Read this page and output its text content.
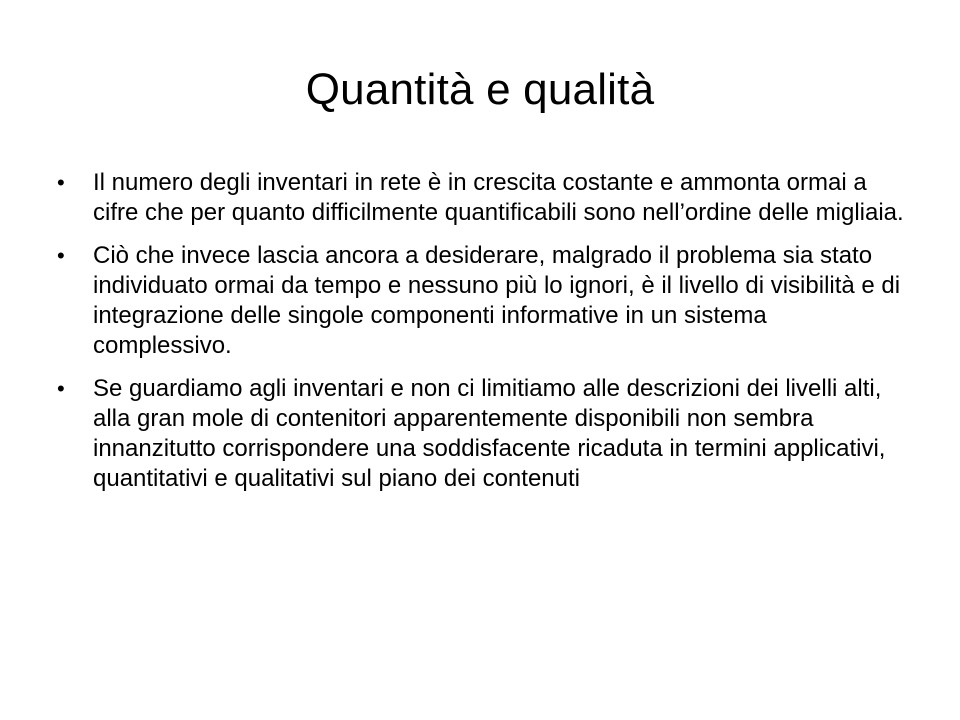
Quantità e qualità
•	Il numero degli inventari in rete è in crescita costante e ammonta ormai a cifre che per quanto difficilmente quantificabili sono nell’ordine delle migliaia.
•	Ciò che invece lascia ancora a desiderare, malgrado il problema sia stato individuato ormai da tempo e nessuno più lo ignori, è il livello di visibilità e di integrazione delle singole componenti informative in un sistema complessivo.
•	Se guardiamo agli inventari e non ci limitiamo alle descrizioni dei livelli alti, alla gran mole di contenitori apparentemente disponibili non sembra innanzitutto corrispondere una soddisfacente ricaduta in termini applicativi, quantitativi e qualitativi sul piano dei contenuti
